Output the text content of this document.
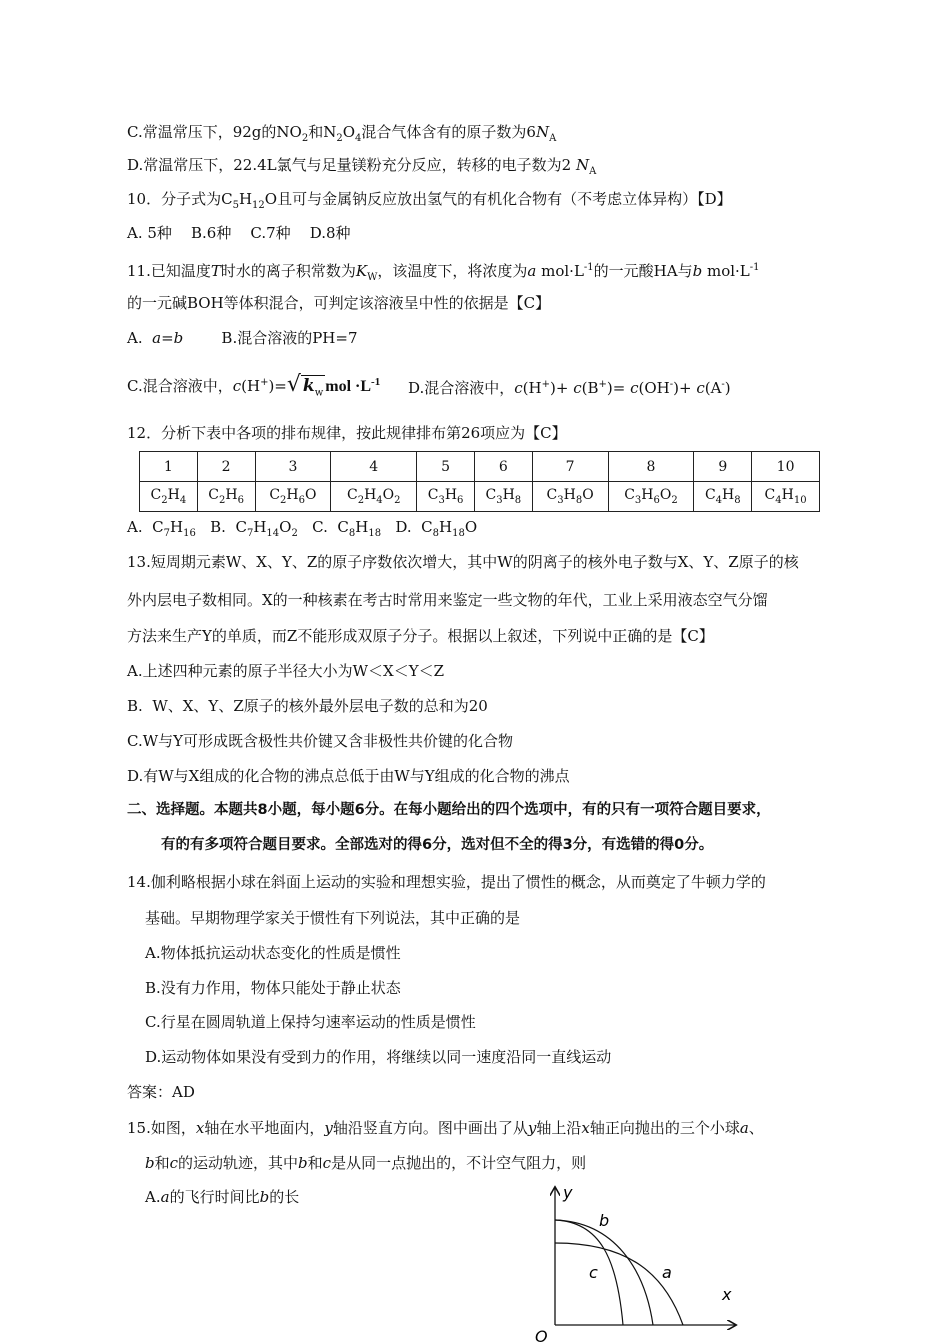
C.常温常压下，92g的$NO_2$和$N_2O_4$混合气体含有的原子数为$6N_A$
D.常温常压下，22.4L氯气与足量镁粉充分反应，转移的电子数为2 $N_A$
10．分子式为$C_5H_{12}O$且可与金属钠反应放出氢气的有机化合物有（不考虑立体异构）【D】
A. 5种    B.6种    C.7种    D.8种
11.已知温度T时水的离子积常数为$K_W$，该温度下，将浓度为a $mol\cdot L^{-1}$的一元酸HA与b $mol\cdot L^{-1}$
的一元碱BOH等体积混合，可判定该溶液呈中性的依据是【C】
A.  a=b        B.混合溶液的PH=7
C.混合溶液中，c(H+)=√ $k_w$ mol $\cdot L^{-1}$ D.混合溶液中，c(H+)+ c(B+)= c(OH-)+ c(A-)
12．分析下表中各项的排布规律，按此规律排布第26项应为【C】
1	2	3	4	5	6	7	8	9	10
$C_2H_4$	$C_2H_6$	$C_2H_6O$	$C_2H_4O_2$	$C_3H_6$	$C_3H_8$	$C_3H_8O$	$C_3H_6O_2$	$C_4H_8$	$C_4H_{10}$
A.  $C_7H_{16}$   B.  $C_7H_{14}O_2$   C.  $C_8H_{18}$   D.  $C_8H_{18}O$
13.短周期元素W、X、Y、Z的原子序数依次增大，其中W的阴离子的核外电子数与X、Y、Z原子的核
外内层电子数相同。X的一种核素在考古时常用来鉴定一些文物的年代，工业上采用液态空气分馏
方法来生产Y的单质，而Z不能形成双原子分子。根据以上叙述，下列说中正确的是【C】
A.上述四种元素的原子半径大小为W＜X＜Y＜Z
B.  W、X、Y、Z原子的核外最外层电子数的总和为20
C.W与Y可形成既含极性共价键又含非极性共价键的化合物
D.有W与X组成的化合物的沸点总低于由W与Y组成的化合物的沸点
二、选择题。本题共8小题，每小题6分。在每小题给出的四个选项中，有的只有一项符合题目要求，
有的有多项符合题目要求。全部选对的得6分，选对但不全的得3分，有选错的得0分。
14.伽利略根据小球在斜面上运动的实验和理想实验，提出了惯性的概念，从而奠定了牛顿力学的
基础。早期物理学家关于惯性有下列说法，其中正确的是
A.物体抵抗运动状态变化的性质是惯性
B.没有力作用，物体只能处于静止状态
C.行星在圆周轨道上保持匀速率运动的性质是惯性
D.运动物体如果没有受到力的作用，将继续以同一速度沿同一直线运动
答案：AD
15.如图，x轴在水平地面内，y轴沿竖直方向。图中画出了从y轴上沿x轴正向抛出的三个小球a、
b和c的运动轨迹，其中b和c是从同一点抛出的，不计空气阻力，则
A.a的飞行时间比b的长	y
x
O
b
c	a
